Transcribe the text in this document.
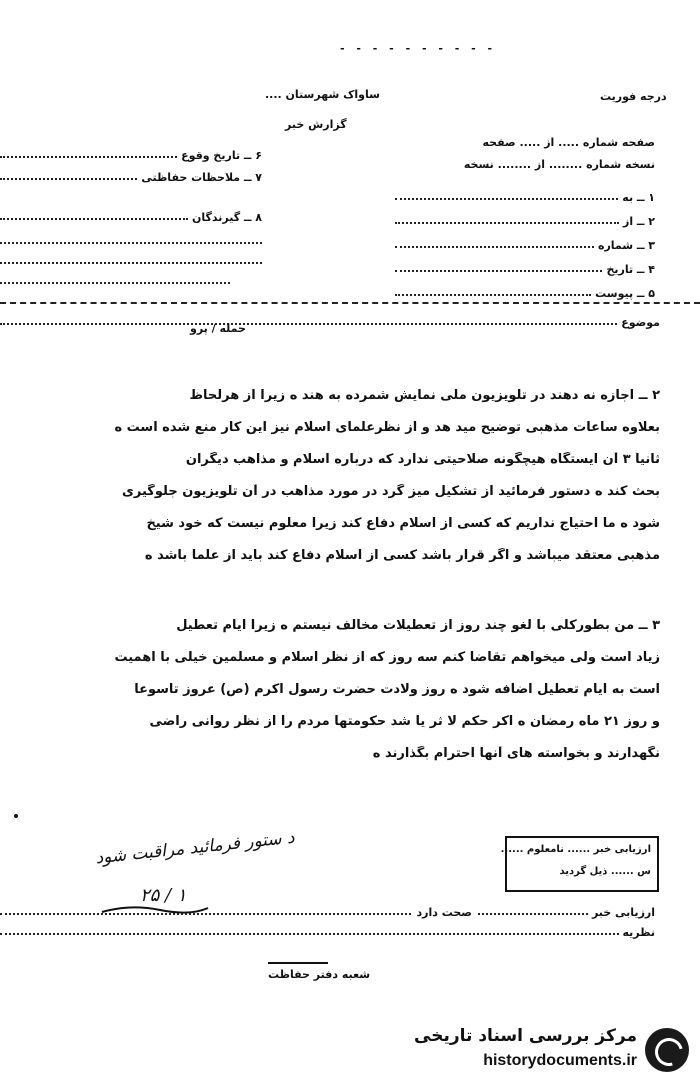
- - - - - - - - - -
درجه فوریت
ساواک شهرستان ....
گزارش خبر
صفحه شماره ..... از ..... صفحه
نسخه شماره ........ از ........ نسخه
۱ ــ به
۲ ــ از
۳ ــ شماره
۴ ــ تاریخ
۵ ــ پیوست
۶ ــ تاریخ وقوع
۷ ــ ملاحظات حفاظتی
۸ ــ گیرندگان
موضوع
حمله / پرو
۲ ــ اجازه نه دهند در تلویزیون ملی نمایش شمرده به هند ه زیرا از هرلحاظ
بعلاوه ساعات مذهبی توضیح مید هد و از نظرعلمای اسلام نیز این کار منع شده است ه
ثانیاً ۳ آن ایستگاه هیچگونه صلاحیتی ندارد که درباره اسلام و مذاهب دیگران
بحث کند ه دستور فرمائید از تشکیل میز گرد در مورد مذاهب در آن تلویزیون جلوگیری
شود ه ما احتیاج نداریم که کسی از اسلام دفاع کند زیرا معلوم نیست که خود شیخ
مذهبی معتقد میباشد و اگر قرار باشد کسی از اسلام دفاع کند باید از علما باشد ه
۳ ــ من بطورکلی با لغو چند روز از تعطیلات مخالف نیستم ه زیرا ایام تعطیل
زیاد است ولی میخواهم تقاضا کنم سه روز که از نظر اسلام و مسلمین خیلی با اهمیت
است به ایام تعطیل اضافه شود ه روز ولادت حضرت رسول اکرم (ص) عروز تاسوعا
و روز ۲۱ ماه رمضان ه اکر حکم لا ثر یا شد حکومتها مردم را از نظر روانی راضی
نگهدارند و بخواسته های آنها احترام بگذارند ه
د ستور فرمائید مراقبت شود
۲۵ / ۱
ارزیابی خبر ...... نامعلوم ......
س ...... ذیل گردید
صحت دارد	ارزیابی خبر
نظریه
شعبه دفتر حفاظت
مرکز بررسی اسناد تاریخی
historydocuments.ir
